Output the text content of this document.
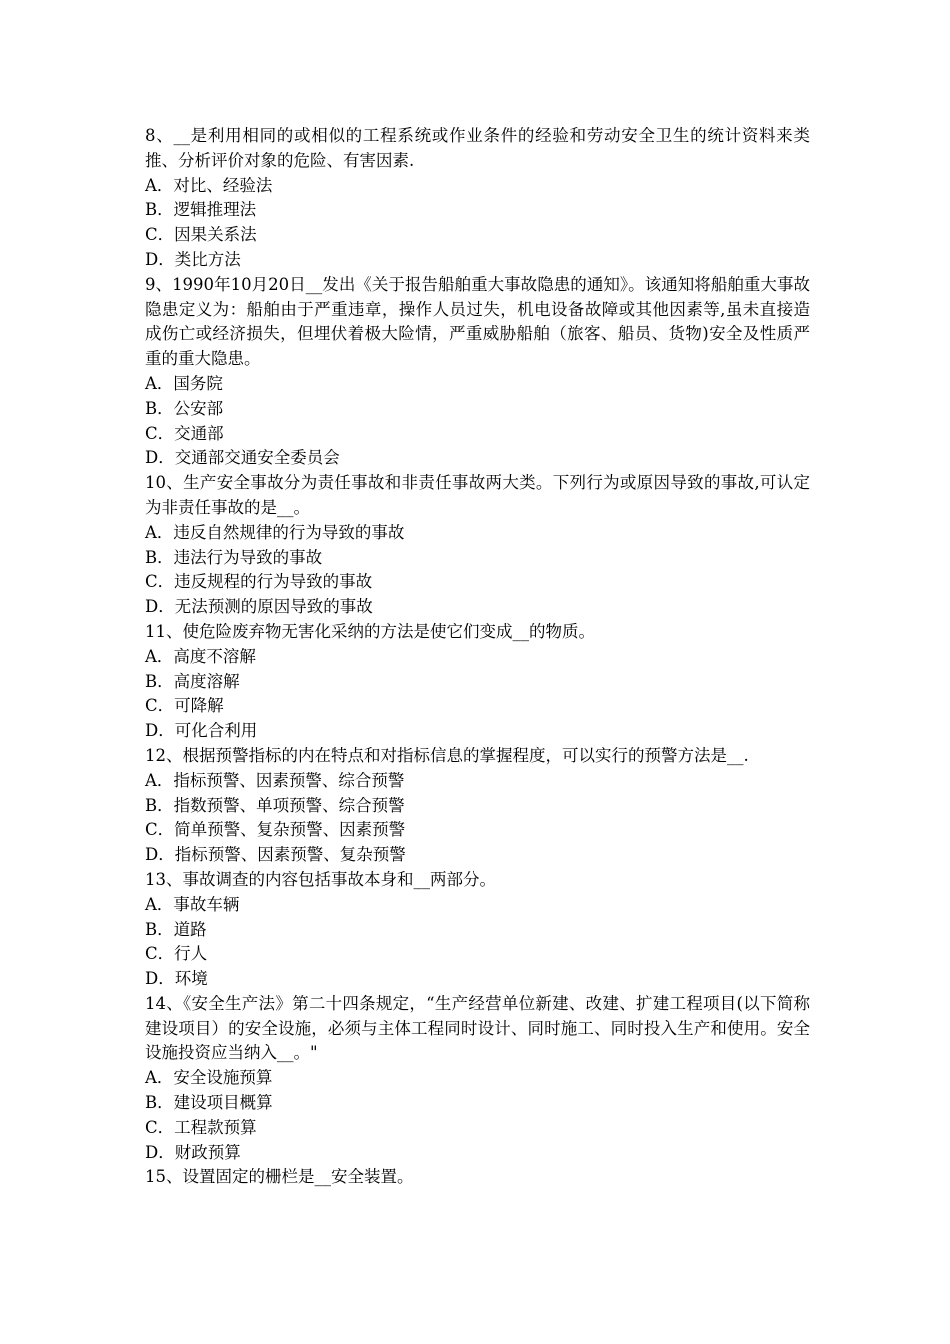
8、__是利用相同的或相似的工程系统或作业条件的经验和劳动安全卫生的统计资料来类推、分析评价对象的危险、有害因素.

A．对比、经验法

B．逻辑推理法

C．因果关系法

D．类比方法

9、1990年10月20日__发出《关于报告船舶重大事故隐患的通知》。该通知将船舶重大事故隐患定义为：船舶由于严重违章，操作人员过失，机电设备故障或其他因素等,虽未直接造成伤亡或经济损失，但埋伏着极大险情，严重威胁船舶（旅客、船员、货物)安全及性质严重的重大隐患。

A．国务院

B．公安部

C．交通部

D．交通部交通安全委员会

10、生产安全事故分为责任事故和非责任事故两大类。下列行为或原因导致的事故,可认定为非责任事故的是__。

A．违反自然规律的行为导致的事故

B．违法行为导致的事故

C．违反规程的行为导致的事故

D．无法预测的原因导致的事故

11、使危险废弃物无害化采纳的方法是使它们变成__的物质。

A．高度不溶解

B．高度溶解

C．可降解

D．可化合利用

12、根据预警指标的内在特点和对指标信息的掌握程度，可以实行的预警方法是__.

A．指标预警、因素预警、综合预警

B．指数预警、单项预警、综合预警

C．简单预警、复杂预警、因素预警

D．指标预警、因素预警、复杂预警

13、事故调查的内容包括事故本身和__两部分。

A．事故车辆

B．道路

C．行人

D．环境

14、《安全生产法》第二十四条规定，“生产经营单位新建、改建、扩建工程项目(以下简称建设项目）的安全设施，必须与主体工程同时设计、同时施工、同时投入生产和使用。安全设施投资应当纳入__。"

A．安全设施预算

B．建设项目概算

C．工程款预算

D．财政预算

15、设置固定的栅栏是__安全装置。
